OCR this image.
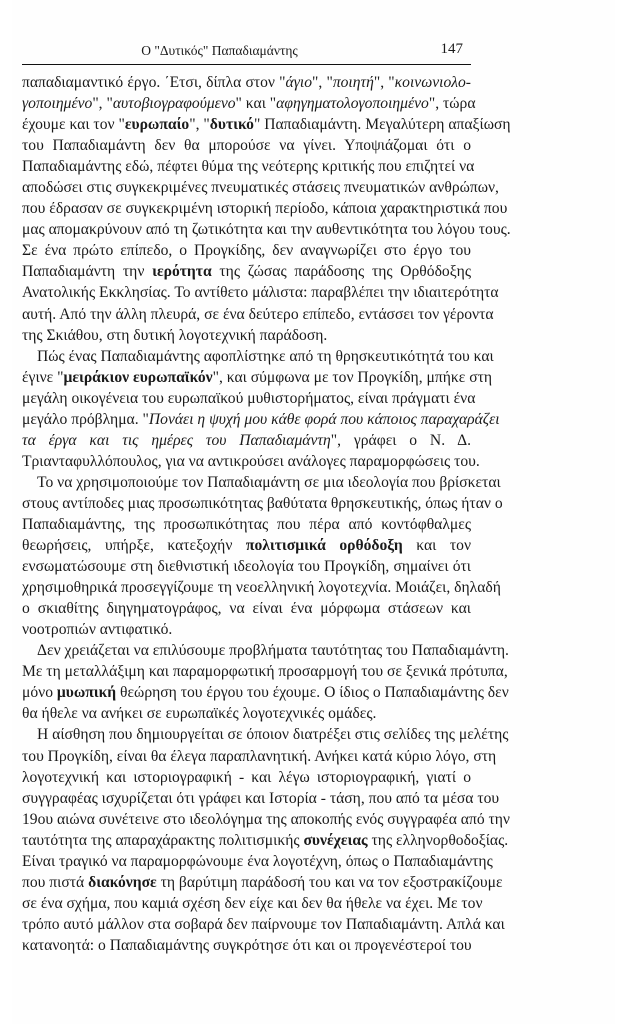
Ο "Δυτικός" Παπαδιαμάντης	147
παπαδιαμαντικό έργο. ΄Ετσι, δίπλα στον "άγιο", "ποιητή", "κοινωνιολο-
γοποιημένο", "αυτοβιογραφούμενο" και "αφηγηματολογοποιημένο", τώρα
έχουμε και τον "ευρωπαίο", "δυτικό" Παπαδιαμάντη. Μεγαλύτερη απαξίωση
του Παπαδιαμάντη δεν θα μπορούσε να γίνει. Υποψιάζομαι ότι ο
Παπαδιαμάντης εδώ, πέφτει θύμα της νεότερης κριτικής που επιζητεί να
αποδώσει στις συγκεκριμένες πνευματικές στάσεις πνευματικών ανθρώπων,
που έδρασαν σε συγκεκριμένη ιστορική περίοδο, κάποια χαρακτηριστικά που
μας απομακρύνουν από τη ζωτικότητα και την αυθεντικότητα του λόγου τους.
Σε ένα πρώτο επίπεδο, ο Προγκίδης, δεν αναγνωρίζει στο έργο του
Παπαδιαμάντη την ιερότητα της ζώσας παράδοσης της Ορθόδοξης
Ανατολικής Εκκλησίας. Το αντίθετο μάλιστα: παραβλέπει την ιδιαιτερότητα
αυτή. Από την άλλη πλευρά, σε ένα δεύτερο επίπεδο, εντάσσει τον γέροντα
της Σκιάθου, στη δυτική λογοτεχνική παράδοση.
Πώς ένας Παπαδιαμάντης αφοπλίστηκε από τη θρησκευτικότητά του και
έγινε "μειράκιον ευρωπαϊκόν", και σύμφωνα με τον Προγκίδη, μπήκε στη
μεγάλη οικογένεια του ευρωπαϊκού μυθιστορήματος, είναι πράγματι ένα
μεγάλο πρόβλημα. "Πονάει η ψυχή μου κάθε φορά που κάποιος παραχαράζει
τα έργα και τις ημέρες του Παπαδιαμάντη", γράφει ο Ν. Δ.
Τριανταφυλλόπουλος, για να αντικρούσει ανάλογες παραμορφώσεις του.
Το να χρησιμοποιούμε τον Παπαδιαμάντη σε μια ιδεολογία που βρίσκεται
στους αντίποδες μιας προσωπικότητας βαθύτατα θρησκευτικής, όπως ήταν ο
Παπαδιαμάντης, της προσωπικότητας που πέρα από κοντόφθαλμες
θεωρήσεις, υπήρξε, κατεξοχήν πολιτισμικά ορθόδοξη και τον
ενσωματώσουμε στη διεθνιστική ιδεολογία του Προγκίδη, σημαίνει ότι
χρησιμοθηρικά προσεγγίζουμε τη νεοελληνική λογοτεχνία. Μοιάζει, δηλαδή
ο σκιαθίτης διηγηματογράφος, να είναι ένα μόρφωμα στάσεων και
νοοτροπιών αντιφατικό.
Δεν χρειάζεται να επιλύσουμε προβλήματα ταυτότητας του Παπαδιαμάντη.
Με τη μεταλλάξιμη και παραμορφωτική προσαρμογή του σε ξενικά πρότυπα,
μόνο μυωπική θεώρηση του έργου του έχουμε. Ο ίδιος ο Παπαδιαμάντης δεν
θα ήθελε να ανήκει σε ευρωπαϊκές λογοτεχνικές ομάδες.
Η αίσθηση που δημιουργείται σε όποιον διατρέξει στις σελίδες της μελέτης
του Προγκίδη, είναι θα έλεγα παραπλανητική. Ανήκει κατά κύριο λόγο, στη
λογοτεχνική και ιστοριογραφική - και λέγω ιστοριογραφική, γιατί ο
συγγραφέας ισχυρίζεται ότι γράφει και Ιστορία - τάση, που από τα μέσα του
19ου αιώνα συνέτεινε στο ιδεολόγημα της αποκοπής ενός συγγραφέα από την
ταυτότητα της απαραχάρακτης πολιτισμικής συνέχειας της ελληνορθοδοξίας.
Είναι τραγικό να παραμορφώνουμε ένα λογοτέχνη, όπως ο Παπαδιαμάντης
που πιστά διακόνησε τη βαρύτιμη παράδοσή του και να τον εξοστρακίζουμε
σε ένα σχήμα, που καμιά σχέση δεν είχε και δεν θα ήθελε να έχει. Με τον
τρόπο αυτό μάλλον στα σοβαρά δεν παίρνουμε τον Παπαδιαμάντη. Απλά και
κατανοητά: ο Παπαδιαμάντης συγκρότησε ότι και οι προγενέστεροί του
